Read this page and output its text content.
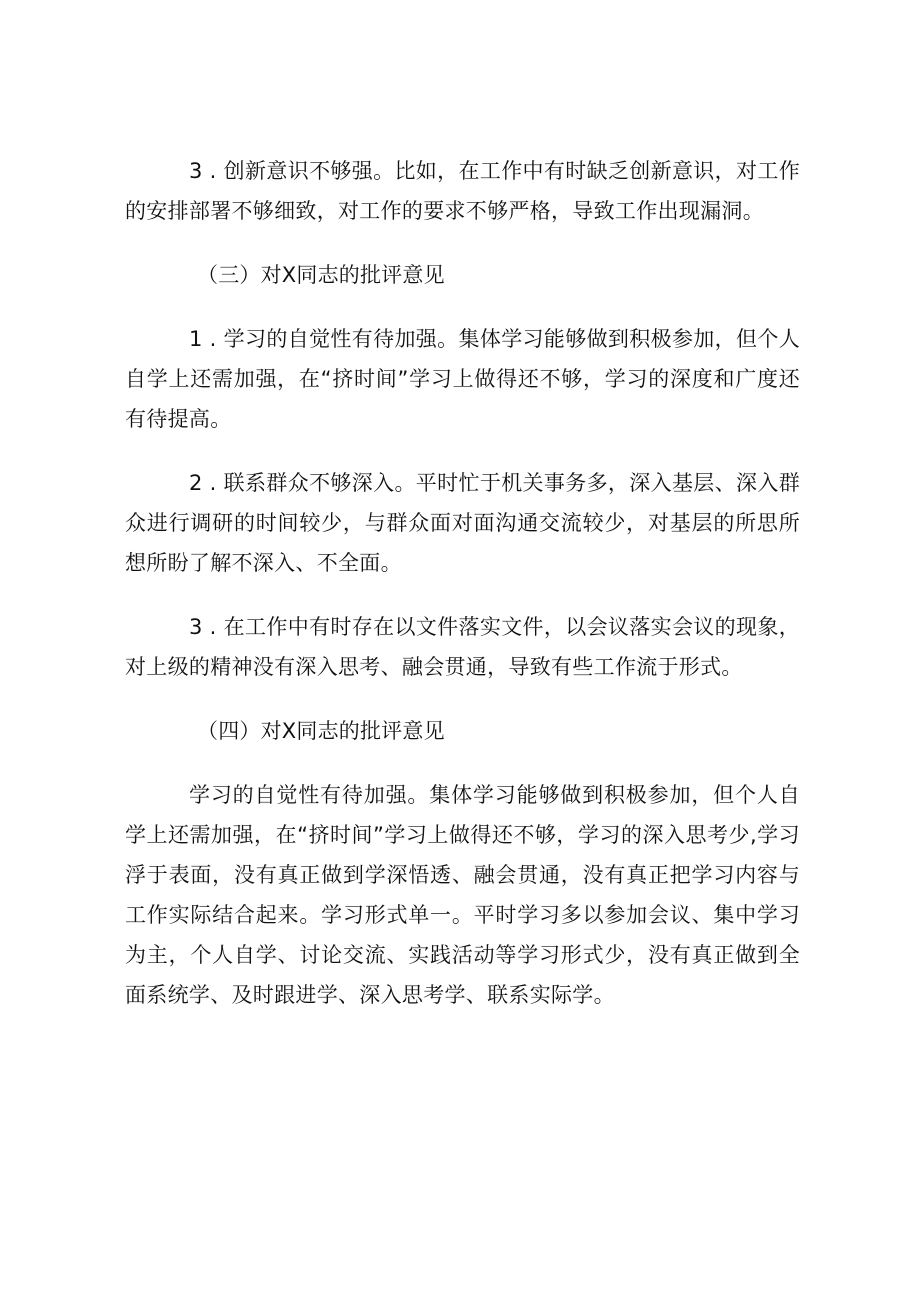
3 . 创新意识不够强。比如，在工作中有时缺乏创新意识，对工作的安排部署不够细致，对工作的要求不够严格，导致工作出现漏洞。

（三）对X同志的批评意见

1 . 学习的自觉性有待加强。集体学习能够做到积极参加，但个人自学上还需加强，在“挤时间”学习上做得还不够，学习的深度和广度还有待提高。

2 . 联系群众不够深入。平时忙于机关事务多，深入基层、深入群众进行调研的时间较少，与群众面对面沟通交流较少，对基层的所思所想所盼了解不深入、不全面。

3 . 在工作中有时存在以文件落实文件，以会议落实会议的现象，对上级的精神没有深入思考、融会贯通，导致有些工作流于形式。

（四）对X同志的批评意见

学习的自觉性有待加强。集体学习能够做到积极参加，但个人自学上还需加强，在“挤时间”学习上做得还不够，学习的深入思考少,学习浮于表面，没有真正做到学深悟透、融会贯通，没有真正把学习内容与工作实际结合起来。学习形式单一。平时学习多以参加会议、集中学习为主，个人自学、讨论交流、实践活动等学习形式少，没有真正做到全面系统学、及时跟进学、深入思考学、联系实际学。
